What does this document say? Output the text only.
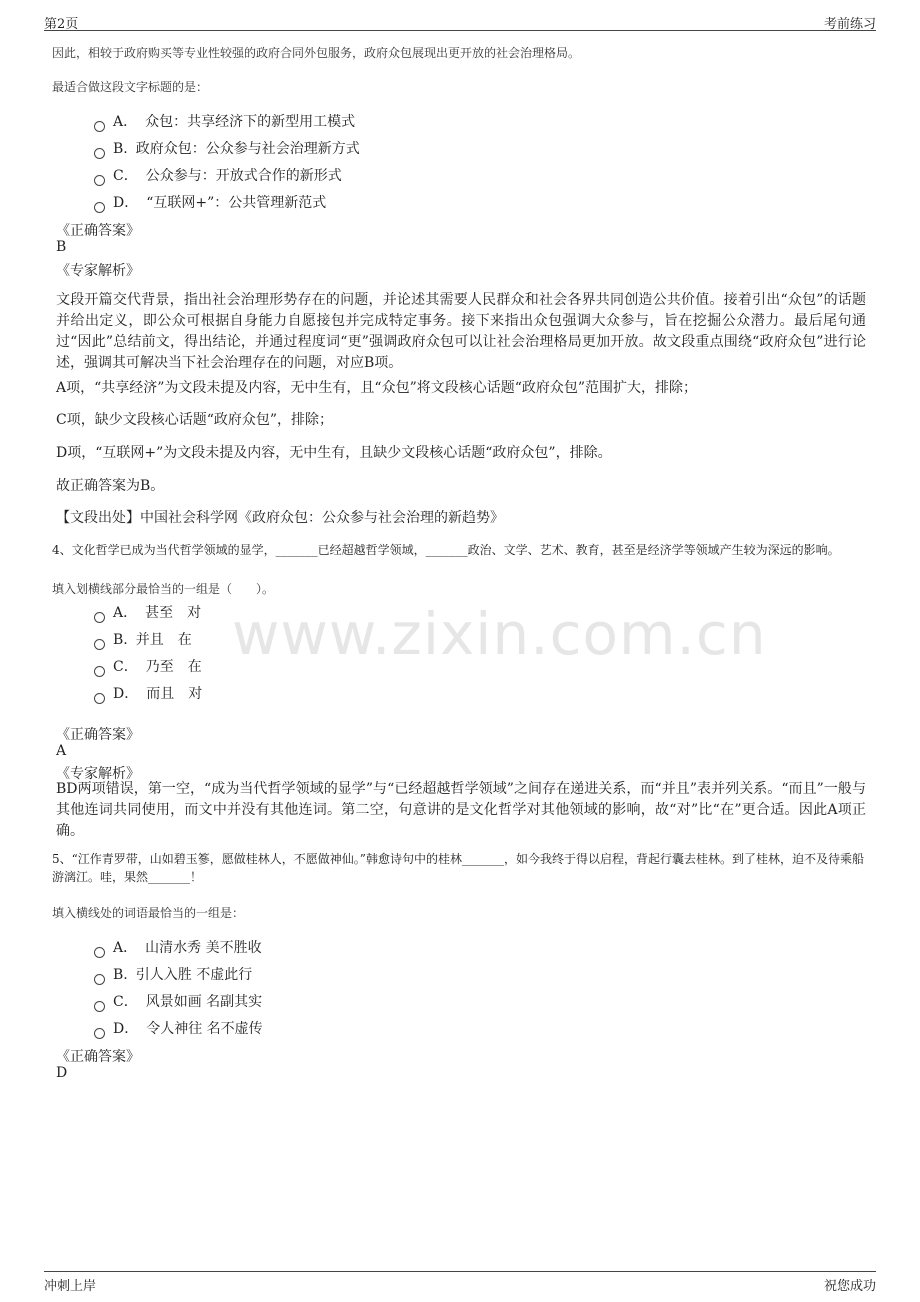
第2页	考前练习
www.zixin.com.cn
因此，相较于政府购买等专业性较强的政府合同外包服务，政府众包展现出更开放的社会治理格局。
最适合做这段文字标题的是：
A． 众包：共享经济下的新型用工模式
B. 政府众包：公众参与社会治理新方式
C． 公众参与：开放式合作的新形式
D． “互联网+”：公共管理新范式
《正确答案》
B
《专家解析》
文段开篇交代背景，指出社会治理形势存在的问题，并论述其需要人民群众和社会各界共同创造公共价值。接着引出“众包”的话题并给出定义，即公众可根据自身能力自愿接包并完成特定事务。接下来指出众包强调大众参与，旨在挖掘公众潜力。最后尾句通过“因此”总结前文，得出结论，并通过程度词“更”强调政府众包可以让社会治理格局更加开放。故文段重点围绕“政府众包”进行论述，强调其可解决当下社会治理存在的问题，对应B项。
A项，“共享经济”为文段未提及内容，无中生有，且“众包”将文段核心话题“政府众包”范围扩大，排除；
C项，缺少文段核心话题“政府众包”，排除；
D项，“互联网+”为文段未提及内容，无中生有，且缺少文段核心话题“政府众包”，排除。
故正确答案为B。
【文段出处】中国社会科学网《政府众包：公众参与社会治理的新趋势》
4、文化哲学已成为当代哲学领域的显学，_______已经超越哲学领域，_______政治、文学、艺术、教育，甚至是经济学等领域产生较为深远的影响。
填入划横线部分最恰当的一组是（　　）。
A． 甚至　对
B. 并且　在
C． 乃至　在
D． 而且　对
《正确答案》
A
《专家解析》
BD两项错误，第一空，“成为当代哲学领域的显学”与“已经超越哲学领域”之间存在递进关系，而“并且”表并列关系。“而且”一般与其他连词共同使用，而文中并没有其他连词。第二空，句意讲的是文化哲学对其他领域的影响，故“对”比“在”更合适。因此A项正确。
5、“江作青罗带，山如碧玉篸，愿做桂林人，不愿做神仙。”韩愈诗句中的桂林_______，如今我终于得以启程，背起行囊去桂林。到了桂林，迫不及待乘船游漓江。哇，果然_______！
填入横线处的词语最恰当的一组是：
A． 山清水秀 美不胜收
B. 引人入胜 不虚此行
C． 风景如画 名副其实
D． 令人神往 名不虚传
《正确答案》
D
冲刺上岸	祝您成功
